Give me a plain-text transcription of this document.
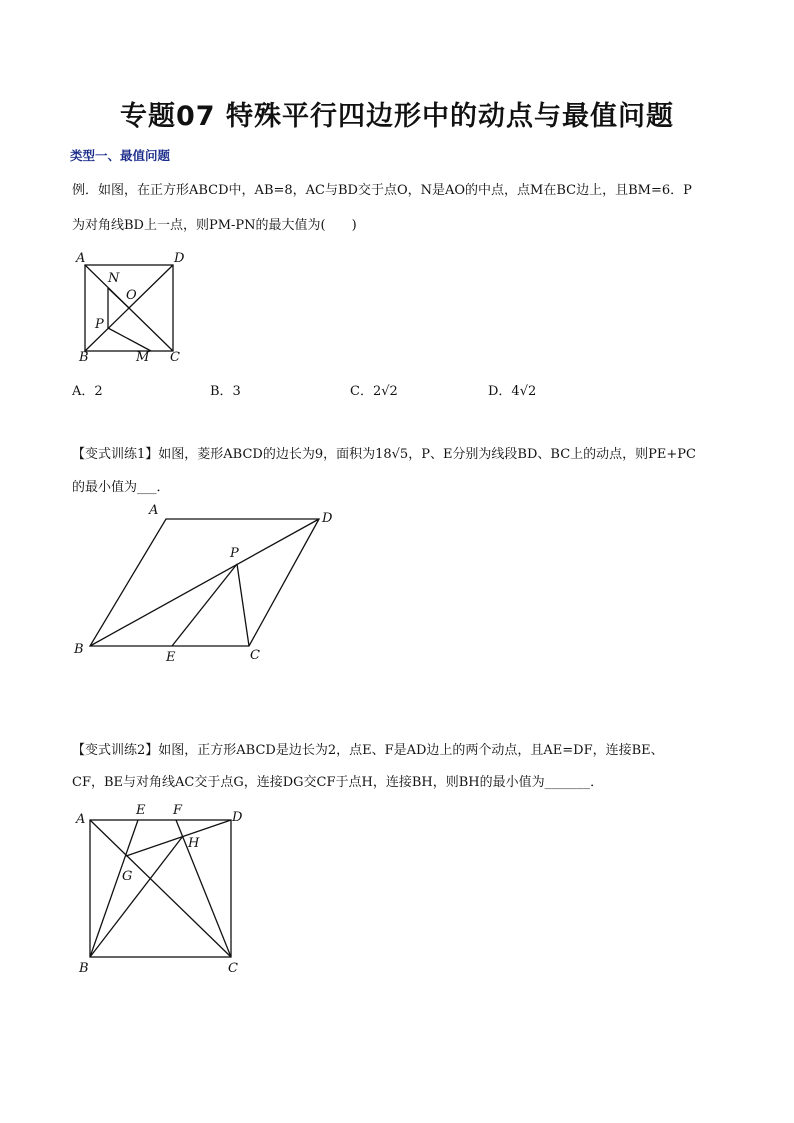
专题07 特殊平行四边形中的动点与最值问题
类型一、最值问题
例．如图，在正方形ABCD中，AB=8，AC与BD交于点O，N是AO的中点，点M在BC边上，且BM=6．P
为对角线BD上一点，则PM-PN的最大值为(　　)
A	D
B	C
N
O
P
M
A．2	B．3	C．2√2	D．4√2
【变式训练1】如图，菱形ABCD的边长为9，面积为18√5，P、E分别为线段BD、BC上的动点，则PE+PC
的最小值为___．
A
D
B	C
E
P
【变式训练2】如图，正方形ABCD是边长为2，点E、F是AD边上的两个动点，且AE=DF，连接BE、
CF，BE与对角线AC交于点G，连接DG交CF于点H，连接BH，则BH的最小值为_______．
A	D
B	C
E F
G
H
